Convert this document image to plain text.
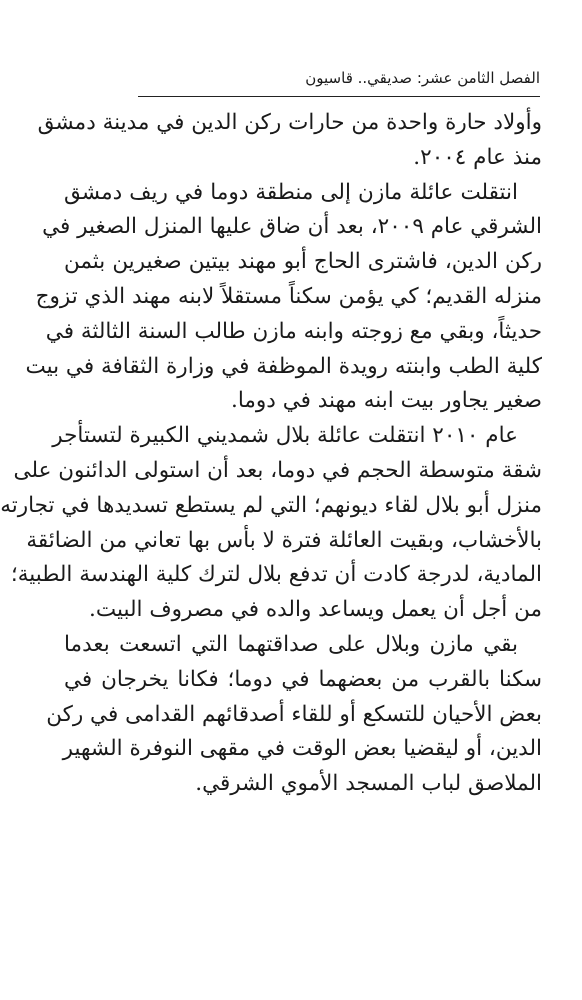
الفصل الثامن عشر: صديقي.. قاسيون
وأولاد حارة واحدة من حارات ركن الدين في مدينة دمشق
منذ عام ٢٠٠٤.
انتقلت عائلة مازن إلى منطقة دوما في ريف دمشق
الشرقي عام ٢٠٠٩، بعد أن ضاق عليها المنزل الصغير في
ركن الدين، فاشترى الحاج أبو مهند بيتين صغيرين بثمن
منزله القديم؛ كي يؤمن سكناً مستقلاً لابنه مهند الذي تزوج
حديثاً، وبقي مع زوجته وابنه مازن طالب السنة الثالثة في
كلية الطب وابنته رويدة الموظفة في وزارة الثقافة في بيت
صغير يجاور بيت ابنه مهند في دوما.
عام ٢٠١٠ انتقلت عائلة بلال شمديني الكبيرة لتستأجر
شقة متوسطة الحجم في دوما، بعد أن استولى الدائنون على
منزل أبو بلال لقاء ديونهم؛ التي لم يستطع تسديدها في تجارته
بالأخشاب، وبقيت العائلة فترة لا بأس بها تعاني من الضائقة
المادية، لدرجة كادت أن تدفع بلال لترك كلية الهندسة الطبية؛
من أجل أن يعمل ويساعد والده في مصروف البيت.
بقي مازن وبلال على صداقتهما التي اتسعت بعدما
سكنا بالقرب من بعضهما في دوما؛ فكانا يخرجان في
بعض الأحيان للتسكع أو للقاء أصدقائهم القدامى في ركن
الدين، أو ليقضيا بعض الوقت في مقهى النوفرة الشهير
الملاصق لباب المسجد الأموي الشرقي.
